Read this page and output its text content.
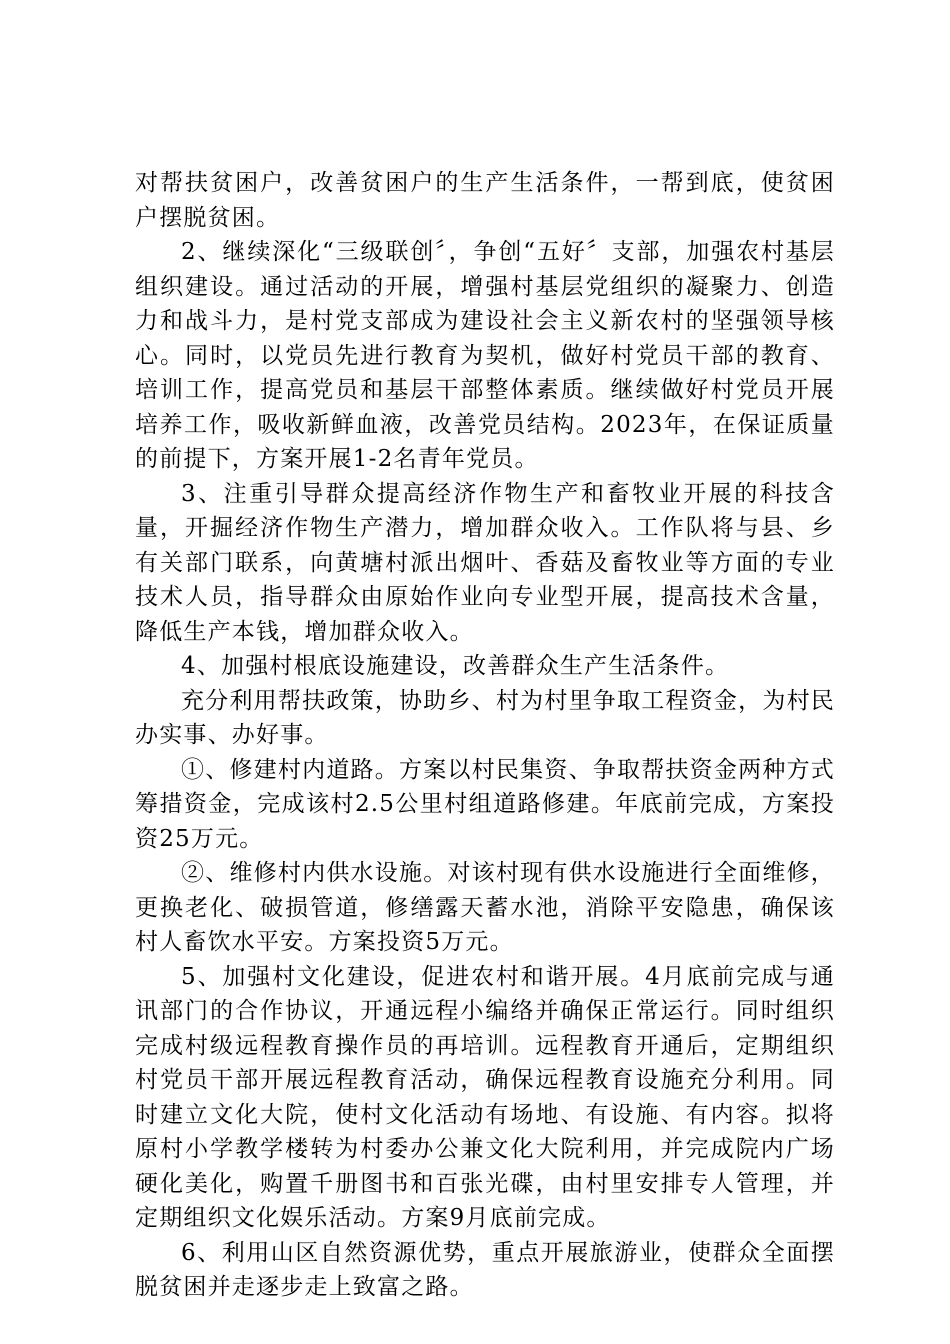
对帮扶贫困户，改善贫困户的生产生活条件，一帮到底，使贫困户摆脱贫困。

2、继续深化“三级联创〞，争创“五好〞支部，加强农村基层组织建设。通过活动的开展，增强村基层党组织的凝聚力、创造力和战斗力，是村党支部成为建设社会主义新农村的坚强领导核心。同时，以党员先进行教育为契机，做好村党员干部的教育、培训工作，提高党员和基层干部整体素质。继续做好村党员开展培养工作，吸收新鲜血液，改善党员结构。2023年，在保证质量的前提下，方案开展1-2名青年党员。

3、注重引导群众提高经济作物生产和畜牧业开展的科技含量，开掘经济作物生产潜力，增加群众收入。工作队将与县、乡有关部门联系，向黄塘村派出烟叶、香菇及畜牧业等方面的专业技术人员，指导群众由原始作业向专业型开展，提高技术含量，降低生产本钱，增加群众收入。

4、加强村根底设施建设，改善群众生产生活条件。

充分利用帮扶政策，协助乡、村为村里争取工程资金，为村民办实事、办好事。

①、修建村内道路。方案以村民集资、争取帮扶资金两种方式筹措资金，完成该村2.5公里村组道路修建。年底前完成，方案投资25万元。

②、维修村内供水设施。对该村现有供水设施进行全面维修，更换老化、破损管道，修缮露天蓄水池，消除平安隐患，确保该村人畜饮水平安。方案投资5万元。

5、加强村文化建设，促进农村和谐开展。4月底前完成与通讯部门的合作协议，开通远程小编络并确保正常运行。同时组织完成村级远程教育操作员的再培训。远程教育开通后，定期组织村党员干部开展远程教育活动，确保远程教育设施充分利用。同时建立文化大院，使村文化活动有场地、有设施、有内容。拟将原村小学教学楼转为村委办公兼文化大院利用，并完成院内广场硬化美化，购置千册图书和百张光碟，由村里安排专人管理，并定期组织文化娱乐活动。方案9月底前完成。

6、利用山区自然资源优势，重点开展旅游业，使群众全面摆脱贫困并走逐步走上致富之路。
